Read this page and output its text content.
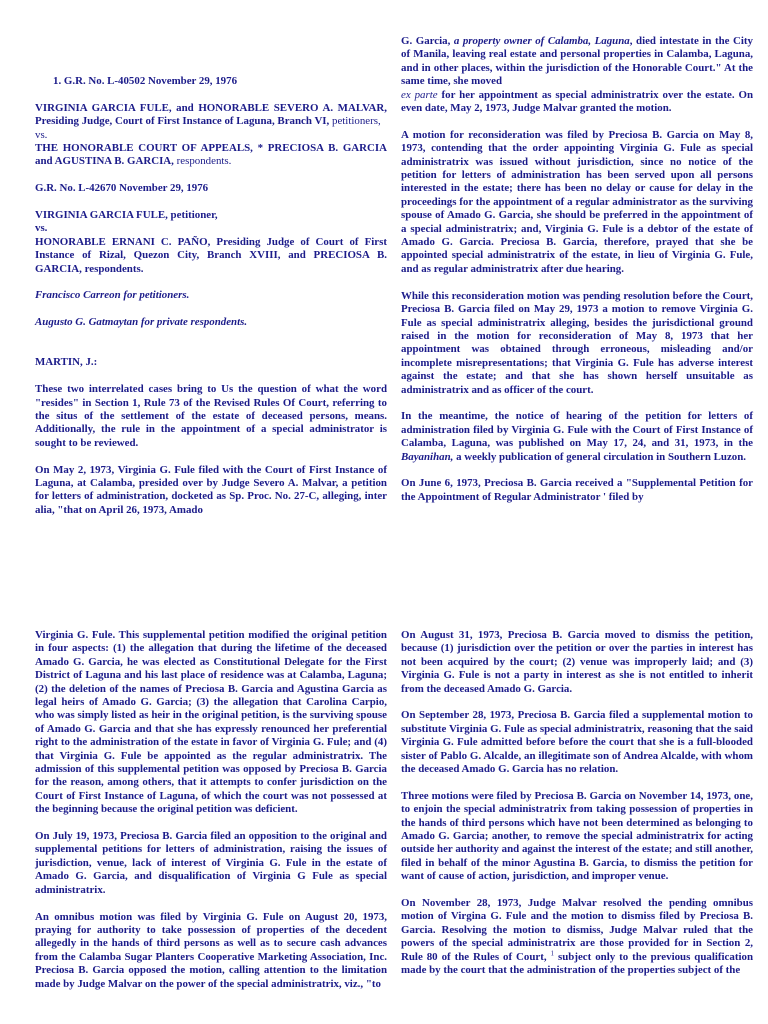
1. G.R. No. L-40502 November 29, 1976

VIRGINIA GARCIA FULE, and HONORABLE SEVERO A. MALVAR, Presiding Judge, Court of First Instance of Laguna, Branch VI, petitioners,

vs.

THE HONORABLE COURT OF APPEALS, * PRECIOSA B. GARCIA and AGUSTINA B. GARCIA, respondents.

G.R. No. L-42670 November 29, 1976

VIRGINIA GARCIA FULE, petitioner,

vs.

HONORABLE ERNANI C. PAÑO, Presiding Judge of Court of First Instance of Rizal, Quezon City, Branch XVIII, and PRECIOSA B. GARCIA, respondents.

Francisco Carreon for petitioners.

Augusto G. Gatmaytan for private respondents.

MARTIN, J.:

These two interrelated cases bring to Us the question of what the word "resides" in Section 1, Rule 73 of the Revised Rules Of Court, referring to the situs of the settlement of the estate of deceased persons, means. Additionally, the rule in the appointment of a special administrator is sought to be reviewed.

On May 2, 1973, Virginia G. Fule filed with the Court of First Instance of Laguna, at Calamba, presided over by Judge Severo A. Malvar, a petition for letters of administration, docketed as Sp. Proc. No. 27-C, alleging, inter alia, "that on April 26, 1973, Amado

G. Garcia, a property owner of Calamba, Laguna, died intestate in the City of Manila, leaving real estate and personal properties in Calamba, Laguna, and in other places, within the jurisdiction of the Honorable Court." At the same time, she moved
ex parte for her appointment as special administratrix over the estate. On even date, May 2, 1973, Judge Malvar granted the motion.

A motion for reconsideration was filed by Preciosa B. Garcia on May 8, 1973, contending that the order appointing Virginia G. Fule as special administratrix was issued without jurisdiction, since no notice of the petition for letters of administration has been served upon all persons interested in the estate; there has been no delay or cause for delay in the proceedings for the appointment of a regular administrator as the surviving spouse of Amado G. Garcia, she should be preferred in the appointment of a special administratrix; and, Virginia G. Fule is a debtor of the estate of Amado G. Garcia. Preciosa B. Garcia, therefore, prayed that she be appointed special administratrix of the estate, in lieu of Virginia G. Fule, and as regular administratrix after due hearing.

While this reconsideration motion was pending resolution before the Court, Preciosa B. Garcia filed on May 29, 1973 a motion to remove Virginia G. Fule as special administratrix alleging, besides the jurisdictional ground raised in the motion for reconsideration of May 8, 1973 that her appointment was obtained through erroneous, misleading and/or incomplete misrepresentations; that Virginia G. Fule has adverse interest against the estate; and that she has shown herself unsuitable as administratrix and as officer of the court.

In the meantime, the notice of hearing of the petition for letters of administration filed by Virginia G. Fule with the Court of First Instance of Calamba, Laguna, was published on May 17, 24, and 31, 1973, in the Bayanihan, a weekly publication of general circulation in Southern Luzon.

On June 6, 1973, Preciosa B. Garcia received a "Supplemental Petition for the Appointment of Regular Administrator ' filed by

Virginia G. Fule. This supplemental petition modified the original petition in four aspects: (1) the allegation that during the lifetime of the deceased Amado G. Garcia, he was elected as Constitutional Delegate for the First District of Laguna and his last place of residence was at Calamba, Laguna; (2) the deletion of the names of Preciosa B. Garcia and Agustina Garcia as legal heirs of Amado G. Garcia; (3) the allegation that Carolina Carpio, who was simply listed as heir in the original petition, is the surviving spouse of Amado G. Garcia and that she has expressly renounced her preferential right to the administration of the estate in favor of Virginia G. Fule; and (4) that Virginia G. Fule be appointed as the regular administratrix. The admission of this supplemental petition was opposed by Preciosa B. Garcia for the reason, among others, that it attempts to confer jurisdiction on the Court of First Instance of Laguna, of which the court was not possessed at the beginning because the original petition was deficient.

On July 19, 1973, Preciosa B. Garcia filed an opposition to the original and supplemental petitions for letters of administration, raising the issues of jurisdiction, venue, lack of interest of Virginia G. Fule in the estate of Amado G. Garcia, and disqualification of Virginia G Fule as special administratrix.

An omnibus motion was filed by Virginia G. Fule on August 20, 1973, praying for authority to take possession of properties of the decedent allegedly in the hands of third persons as well as to secure cash advances from the Calamba Sugar Planters Cooperative Marketing Association, Inc. Preciosa B. Garcia opposed the motion, calling attention to the limitation made by Judge Malvar on the power of the special administratrix, viz., "to

On August 31, 1973, Preciosa B. Garcia moved to dismiss the petition, because (1) jurisdiction over the petition or over the parties in interest has not been acquired by the court; (2) venue was improperly laid; and (3) Virginia G. Fule is not a party in interest as she is not entitled to inherit from the deceased Amado G. Garcia.

On September 28, 1973, Preciosa B. Garcia filed a supplemental motion to substitute Virginia G. Fule as special administratrix, reasoning that the said Virginia G. Fule admitted before before the court that she is a full-blooded sister of Pablo G. Alcalde, an illegitimate son of Andrea Alcalde, with whom the deceased Amado G. Garcia has no relation.

Three motions were filed by Preciosa B. Garcia on November 14, 1973, one, to enjoin the special administratrix from taking possession of properties in the hands of third persons which have not been determined as belonging to Amado G. Garcia; another, to remove the special administratrix for acting outside her authority and against the interest of the estate; and still another, filed in behalf of the minor Agustina B. Garcia, to dismiss the petition for want of cause of action, jurisdiction, and improper venue.

On November 28, 1973, Judge Malvar resolved the pending omnibus motion of Virgina G. Fule and the motion to dismiss filed by Preciosa B. Garcia. Resolving the motion to dismiss, Judge Malvar ruled that the powers of the special administratrix are those provided for in Section 2, Rule 80 of the Rules of Court, $^1$ subject only to the previous qualification made by the court that the administration of the properties subject of the
